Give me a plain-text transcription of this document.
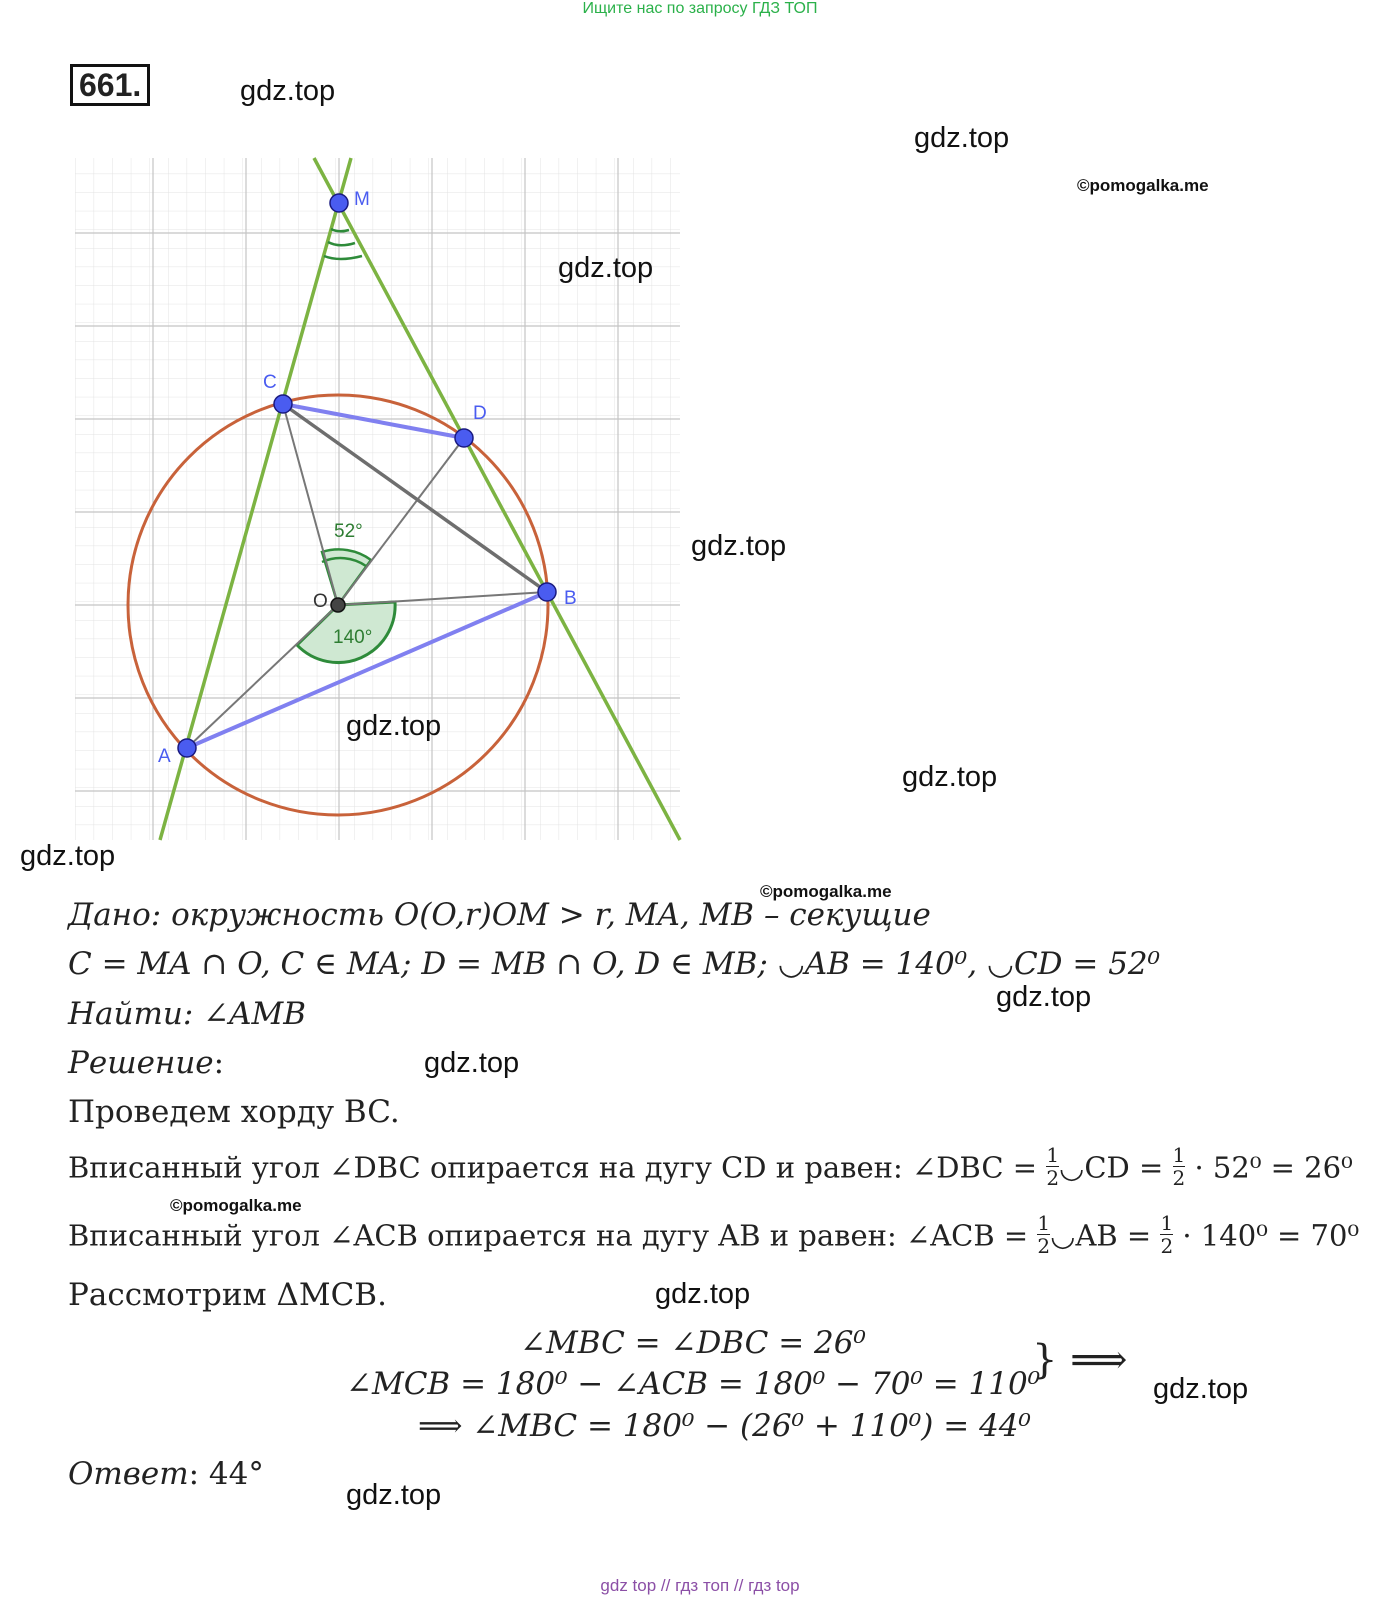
Ищите нас по запросу ГДЗ ТОП
661.
M
C
D
O	B
A
52°
140°
gdz.top
gdz.top
©pomogalka.me
gdz.top
gdz.top
gdz.top
gdz.top
gdz.top
©pomogalka.me
gdz.top
gdz.top
©pomogalka.me
gdz.top
gdz.top
gdz.top
Дано: окружность O(O,r)OM > r, MA, MB – секущие
C = MA ∩ O, C ∈ MA; D = MB ∩ O, D ∈ MB; ◡AB = 140⁰, ◡CD = 52⁰
Найти: ∠AMB
Решение:
Проведем хорду BC.
Вписанный угол ∠DBC опирается на дугу CD и равен: ∠DBC = $\frac{1}{2}$ ◡CD = $\frac{1}{2} \cdot 52^0 = 26^0$
Вписанный угол ∠ACB опирается на дугу AB и равен: ∠ACB = $\frac{1}{2}$ ◡AB = $\frac{1}{2} \cdot 140^0 = 70^0$
Рассмотрим ΔMCB.
∠MBC = ∠DBC = 26⁰
∠MCB = 180⁰ − ∠ACB = 180⁰ − 70⁰ = 110⁰
} ⟹
⟹ ∠MBC = 180⁰ − (26⁰ + 110⁰) = 44⁰
Ответ: 44°
gdz top // гдз топ // гдз top
